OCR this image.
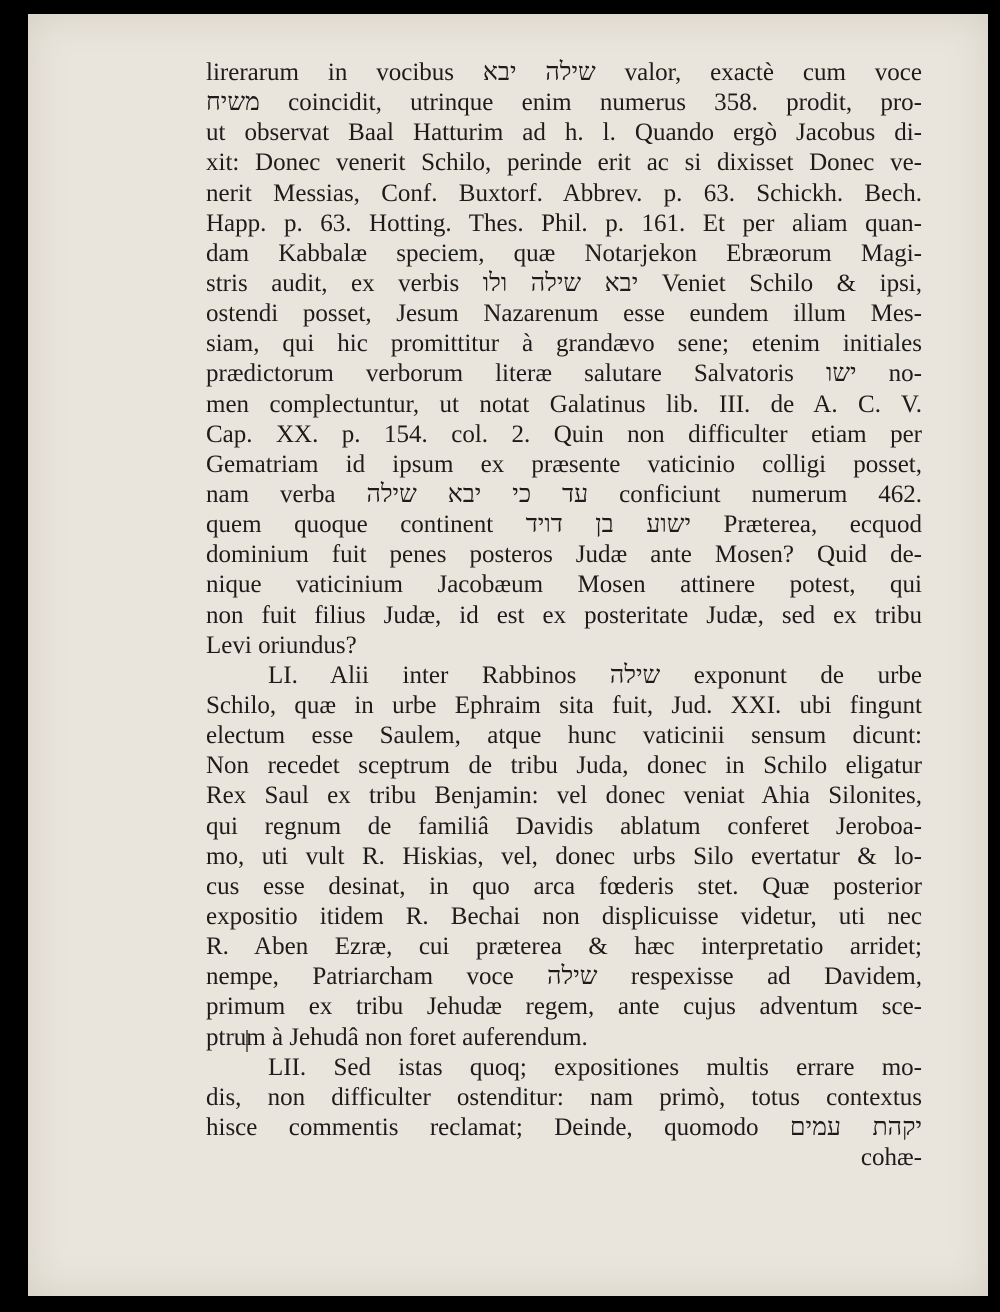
lirerarum in vocibus שילה יבא valor, exactè cum voce
משיח coincidit, utrinque enim numerus 358. prodit, pro-
ut observat Baal Hatturim ad h. l. Quando ergò Jacobus di-
xit: Donec venerit Schilo, perinde erit ac si dixisset Donec ve-
nerit Messias, Conf. Buxtorf. Abbrev. p. 63. Schickh. Bech.
Happ. p. 63. Hotting. Thes. Phil. p. 161. Et per aliam quan-
dam Kabbalæ speciem, quæ Notarjekon Ebræorum Magi-
stris audit, ex verbis יבא שילה ולו Veniet Schilo & ipsi,
ostendi posset, Jesum Nazarenum esse eundem illum Mes-
siam, qui hic promittitur à grandævo sene; etenim initiales
prædictorum verborum literæ salutare Salvatoris ישו no-
men complectuntur, ut notat Galatinus lib. III. de A. C. V.
Cap. XX. p. 154. col. 2. Quin non difficulter etiam per
Gematriam id ipsum ex præsente vaticinio colligi posset,
nam verba עד כי יבא שילה conficiunt numerum 462.
quem quoque continent ישוע בן דויד Præterea, ecquod
dominium fuit penes posteros Judæ ante Mosen? Quid de-
nique vaticinium Jacobæum Mosen attinere potest, qui
non fuit filius Judæ, id est ex posteritate Judæ, sed ex tribu
Levi oriundus?
LI. Alii inter Rabbinos שילה exponunt de urbe
Schilo, quæ in urbe Ephraim sita fuit, Jud. XXI. ubi fingunt
electum esse Saulem, atque hunc vaticinii sensum dicunt:
Non recedet sceptrum de tribu Juda, donec in Schilo eligatur
Rex Saul ex tribu Benjamin: vel donec veniat Ahia Silonites,
qui regnum de familiâ Davidis ablatum conferet Jeroboa-
mo, uti vult R. Hiskias, vel, donec urbs Silo evertatur & lo-
cus esse desinat, in quo arca fœderis stet. Quæ posterior
expositio itidem R. Bechai non displicuisse videtur, uti nec
R. Aben Ezræ, cui præterea & hæc interpretatio arridet;
nempe, Patriarcham voce שילה respexisse ad Davidem,
primum ex tribu Jehudæ regem, ante cujus adventum sce-
ptrum à Jehudâ non foret auferendum.
LII. Sed istas quoq; expositiones multis errare mo-
dis, non difficulter ostenditur: nam primò, totus contextus
hisce commentis reclamat; Deinde, quomodo יקהת עמים
cohæ-
